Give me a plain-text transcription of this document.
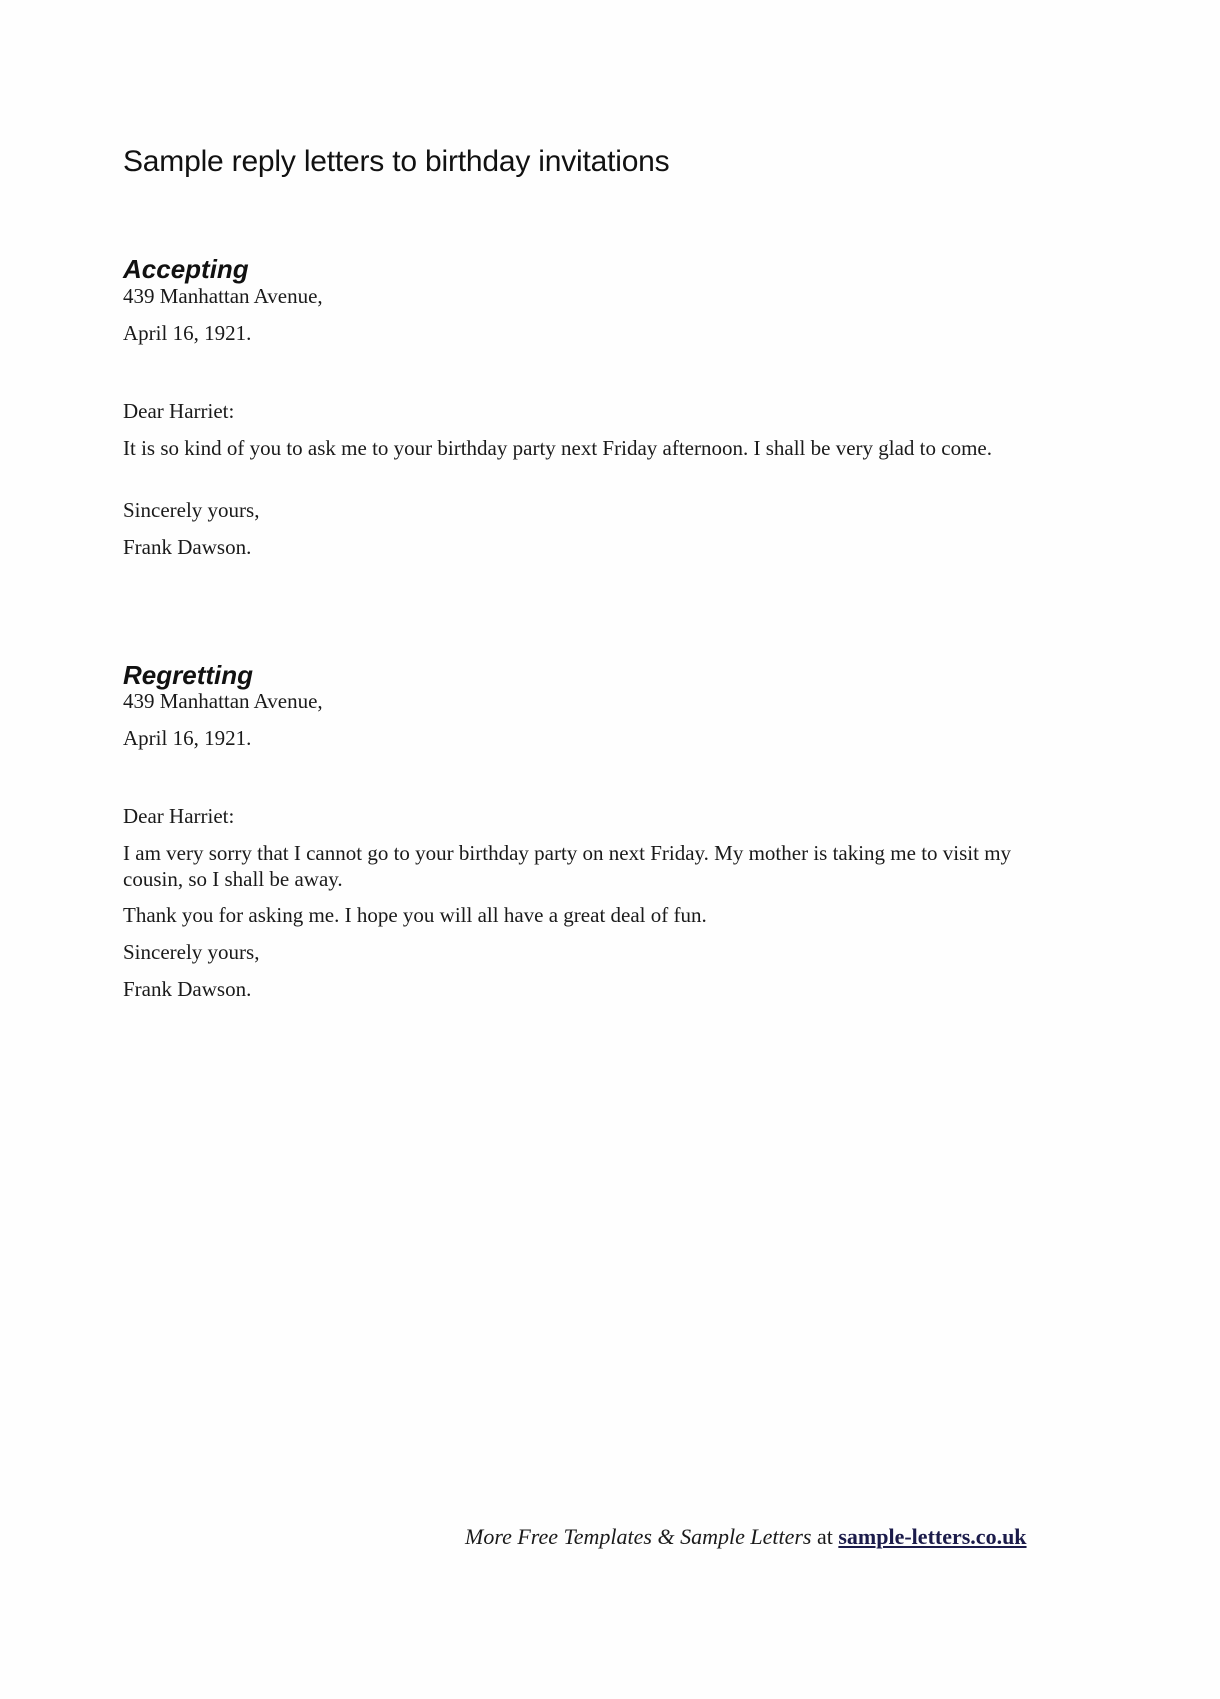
Sample reply letters to birthday invitations
Accepting

439 Manhattan Avenue,

April 16, 1921.

Dear Harriet:

It is so kind of you to ask me to your birthday party next Friday afternoon. I shall be very glad to come.

Sincerely yours,

Frank Dawson.

Regretting

439 Manhattan Avenue,

April 16, 1921.

Dear Harriet:

I am very sorry that I cannot go to your birthday party on next Friday. My mother is taking me to visit my cousin, so I shall be away.

Thank you for asking me. I hope you will all have a great deal of fun.

Sincerely yours,

Frank Dawson.

More Free Templates & Sample Letters at sample-letters.co.uk
